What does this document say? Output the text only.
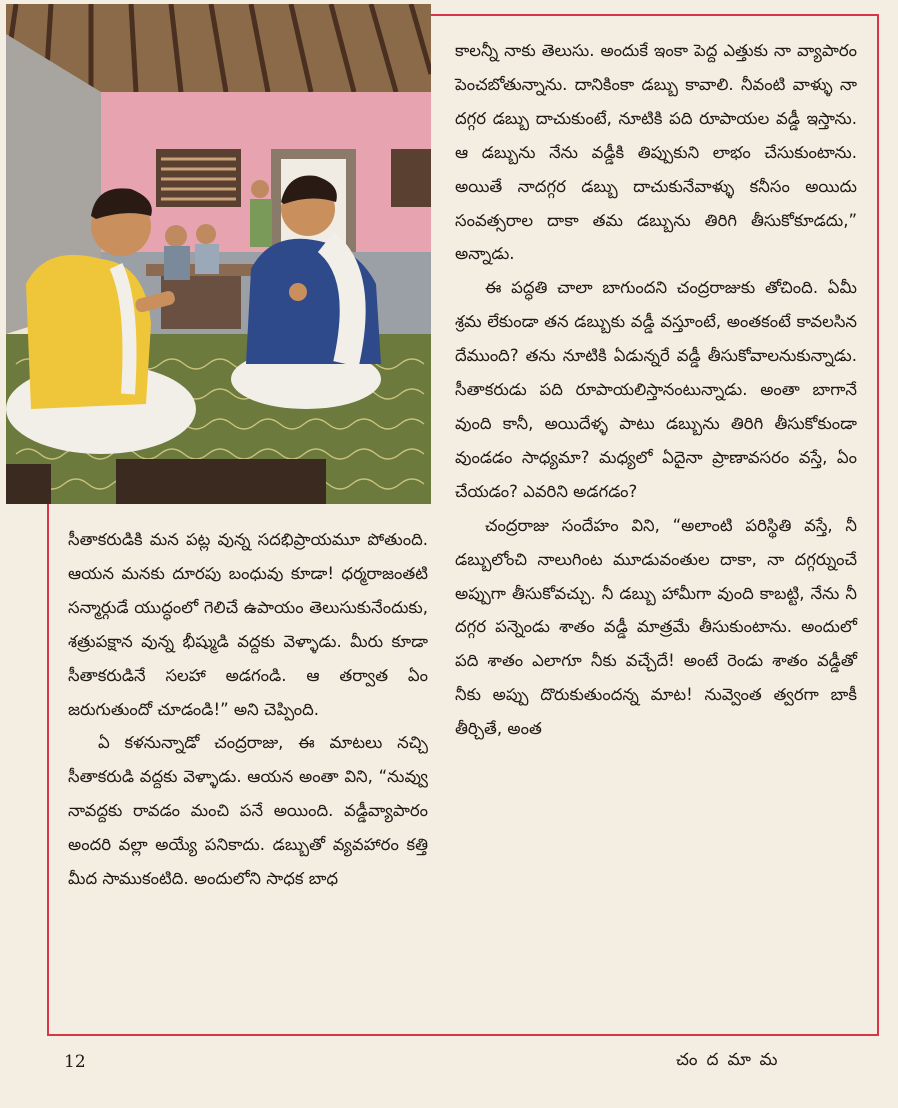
కాలన్నీ నాకు తెలుసు. అందుకే ఇంకా పెద్ద ఎత్తుకు నా వ్యాపారం పెంచబోతున్నాను. దానికింకా డబ్బు కావాలి. నీవంటి వాళ్ళు నా దగ్గర డబ్బు దాచుకుంటే, నూటికి పది రూపాయల వడ్డీ ఇస్తాను. ఆ డబ్బును నేను వడ్డీకి తిప్పుకుని లాభం చేసుకుంటాను. అయితే నాదగ్గర డబ్బు దాచుకునేవాళ్ళు కనీసం అయిదు సంవత్సరాల దాకా తమ డబ్బును తిరిగి తీసుకోకూడదు,” అన్నాడు.

ఈ పద్ధతి చాలా బాగుందని చంద్రరాజుకు తోచింది. ఏమీ శ్రమ లేకుండా తన డబ్బుకు వడ్డీ వస్తూంటే, అంతకంటే కావలసిన దేముంది? తను నూటికి ఏడున్నరే వడ్డీ తీసుకోవాలనుకున్నాడు. సీతాకరుడు పది రూపాయలిస్తానంటున్నాడు. అంతా బాగానే వుంది కానీ, అయిదేళ్ళ పాటు డబ్బును తిరిగి తీసుకోకుండా వుండడం సాధ్యమా? మధ్యలో ఏదైనా ప్రాణావసరం వస్తే, ఏం చేయడం? ఎవరిని అడగడం?

చంద్రరాజు సందేహం విని, “అలాంటి పరిస్థితి వస్తే, నీ డబ్బులోంచి నాలుగింట మూడువంతుల దాకా, నా దగ్గర్నుంచే అప్పుగా తీసుకోవచ్చు. నీ డబ్బు హామీగా వుంది కాబట్టి, నేను నీ దగ్గర పన్నెండు శాతం వడ్డీ మాత్రమే తీసుకుంటాను. అందులో పది శాతం ఎలాగూ నీకు వచ్చేదే! అంటే రెండు శాతం వడ్డీతో నీకు అప్పు దొరుకుతుందన్న మాట! నువ్వెంత త్వరగా బాకీ తీర్చితే, అంత

సీతాకరుడికి మన పట్ల వున్న సదభిప్రాయమూ పోతుంది. ఆయన మనకు దూరపు బంధువు కూడా! ధర్మరాజంతటి సన్మార్గుడే యుద్ధంలో గెలిచే ఉపాయం తెలుసుకునేందుకు, శత్రుపక్షాన వున్న భీష్ముడి వద్దకు వెళ్ళాడు. మీరు కూడా సీతాకరుడినే సలహా అడగండి. ఆ తర్వాత ఏం జరుగుతుందో చూడండి!” అని చెప్పింది.

ఏ కళనున్నాడో చంద్రరాజు, ఈ మాటలు నచ్చి సీతాకరుడి వద్దకు వెళ్ళాడు. ఆయన అంతా విని, “నువ్వు నావద్దకు రావడం మంచి పనే అయింది. వడ్డీవ్యాపారం అందరి వల్లా అయ్యే పనికాదు. డబ్బుతో వ్యవహారం కత్తి మీద సాముకంటిది. అందులోని సాధక బాధ

12	చందమామ
